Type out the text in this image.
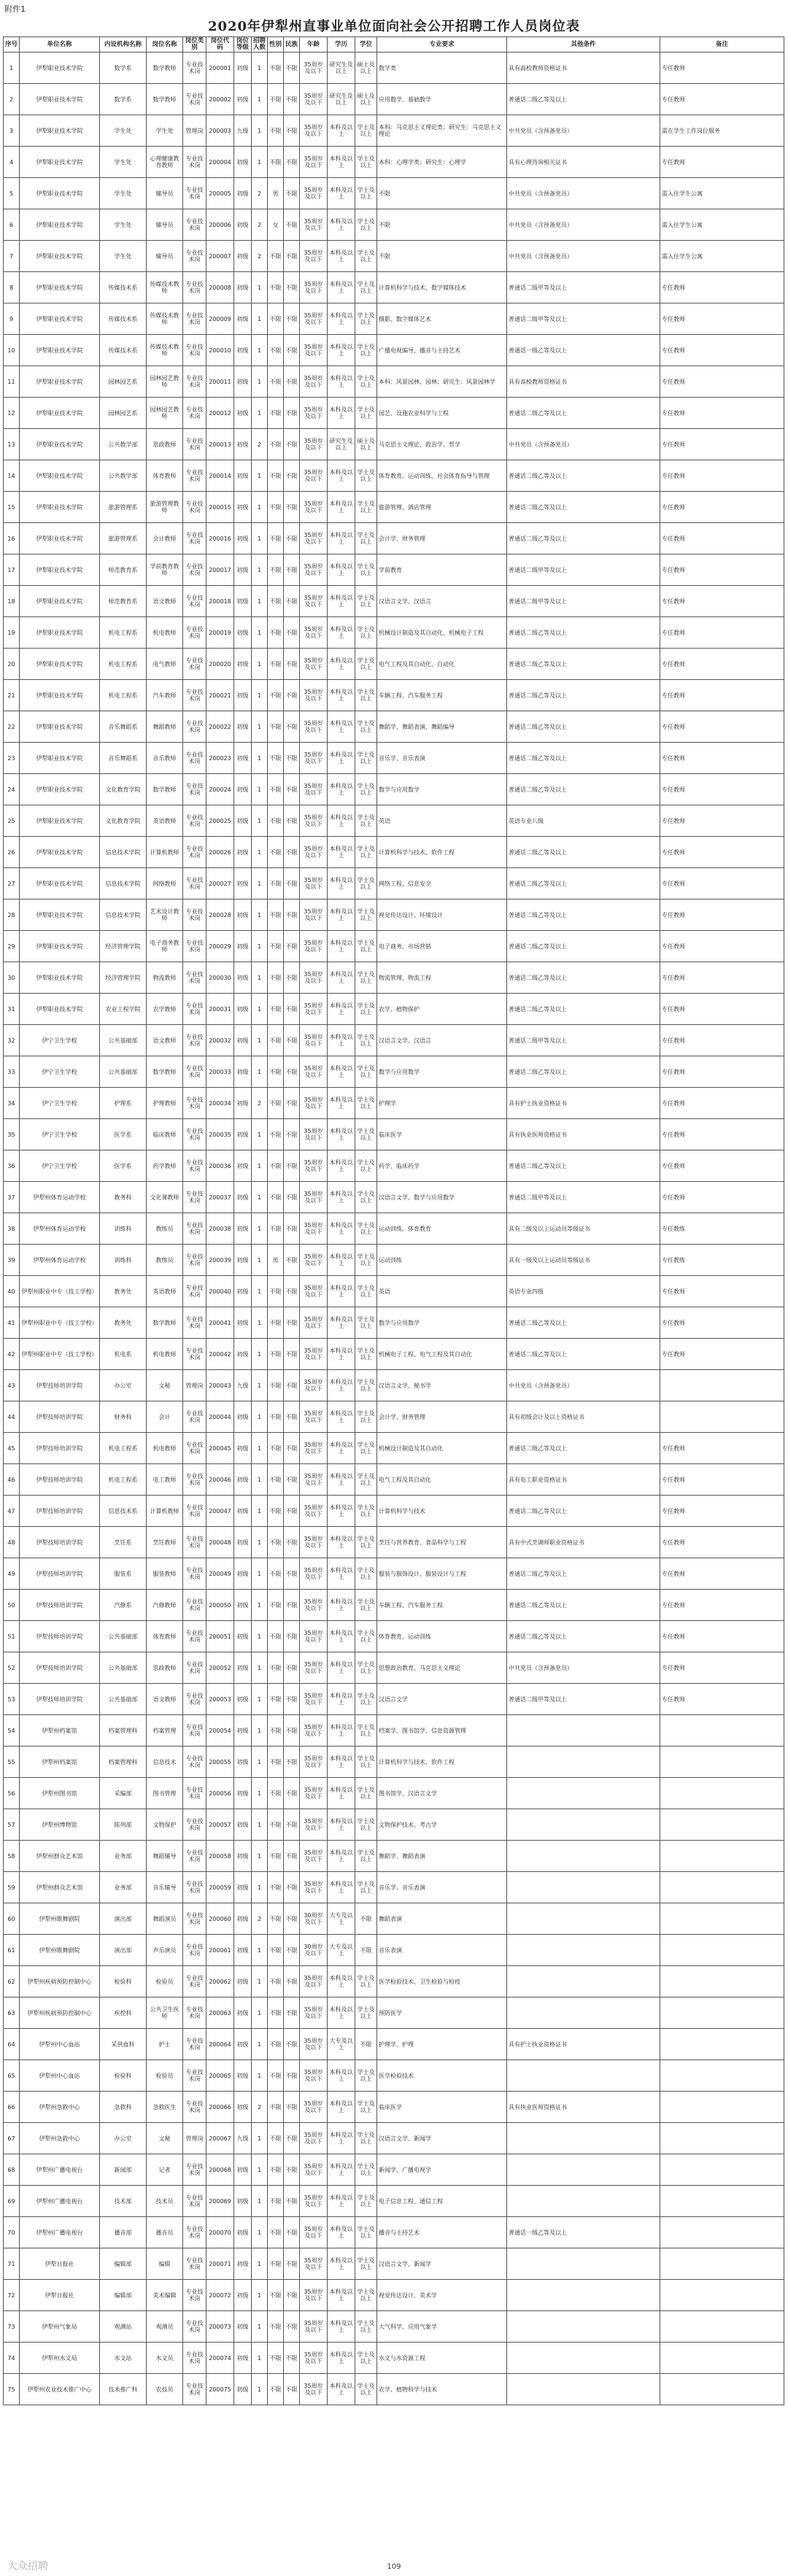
附件1
2020年伊犁州直事业单位面向社会公开招聘工作人员岗位表
序号	单位名称	内设机构名称	岗位名称	岗位类别	岗位代码	岗位等级	招聘人数	性别	民族	年龄	学历	学位	专业要求	其他条件	备注
1	伊犁职业技术学院	数学系	数学教师	专业技术岗	200001	初级	1	不限	不限	35周岁及以下	研究生及以上	硕士及以上	数学类	具有高校教师资格证书	专任教师
2	伊犁职业技术学院	数学系	数学教师	专业技术岗	200002	初级	1	不限	不限	35周岁及以下	研究生及以上	硕士及以上	应用数学、基础数学	普通话二级乙等及以上	专任教师
3	伊犁职业技术学院	学生处	学生处	管理岗	200003	九级	1	不限	不限	35周岁及以下	本科及以上	学士及以上	本科：马克思主义理论类；研究生：马克思主义理论	中共党员（含预备党员）	需在学生工作岗位服务
4	伊犁职业技术学院	学生处	心理健康教育教师	专业技术岗	200004	初级	1	不限	不限	35周岁及以下	本科及以上	学士及以上	本科：心理学类；研究生：心理学	具有心理咨询相关证书	专任教师
5	伊犁职业技术学院	学生处	辅导员	专业技术岗	200005	初级	2	男	不限	35周岁及以下	本科及以上	学士及以上	不限	中共党员（含预备党员）	需入住学生公寓
6	伊犁职业技术学院	学生处	辅导员	专业技术岗	200006	初级	2	女	不限	35周岁及以下	本科及以上	学士及以上	不限	中共党员（含预备党员）	需入住学生公寓
7	伊犁职业技术学院	学生处	辅导员	专业技术岗	200007	初级	2	不限	不限	35周岁及以下	本科及以上	学士及以上	不限	中共党员（含预备党员）	需入住学生公寓
8	伊犁职业技术学院	传媒技术系	传媒技术教师	专业技术岗	200008	初级	1	不限	不限	35周岁及以下	本科及以上	学士及以上	计算机科学与技术、数字媒体技术	普通话二级甲等及以上	专任教师
9	伊犁职业技术学院	传媒技术系	传媒技术教师	专业技术岗	200009	初级	1	不限	不限	35周岁及以下	本科及以上	学士及以上	摄影、数字媒体艺术	普通话二级甲等及以上	专任教师
10	伊犁职业技术学院	传媒技术系	传媒技术教师	专业技术岗	200010	初级	1	不限	不限	35周岁及以下	本科及以上	学士及以上	广播电视编导、播音与主持艺术	普通话一级乙等及以上	专任教师
11	伊犁职业技术学院	园林园艺系	园林园艺教师	专业技术岗	200011	初级	1	不限	不限	35周岁及以下	本科及以上	学士及以上	本科：风景园林、园林；研究生：风景园林学	具有高校教师资格证书	专任教师
12	伊犁职业技术学院	园林园艺系	园林园艺教师	专业技术岗	200012	初级	1	不限	不限	35周岁及以下	本科及以上	学士及以上	园艺、设施农业科学与工程	普通话二级乙等及以上	专任教师
13	伊犁职业技术学院	公共教学部	思政教师	专业技术岗	200013	初级	2	不限	不限	35周岁及以下	研究生及以上	硕士及以上	马克思主义理论、政治学、哲学	中共党员（含预备党员）	专任教师
14	伊犁职业技术学院	公共教学部	体育教师	专业技术岗	200014	初级	1	不限	不限	35周岁及以下	本科及以上	学士及以上	体育教育、运动训练、社会体育指导与管理	普通话二级乙等及以上	专任教师
15	伊犁职业技术学院	旅游管理系	旅游管理教师	专业技术岗	200015	初级	1	不限	不限	35周岁及以下	本科及以上	学士及以上	旅游管理、酒店管理	普通话二级乙等及以上	专任教师
16	伊犁职业技术学院	旅游管理系	会计教师	专业技术岗	200016	初级	1	不限	不限	35周岁及以下	本科及以上	学士及以上	会计学、财务管理	普通话二级乙等及以上	专任教师
17	伊犁职业技术学院	师范教育系	学前教育教师	专业技术岗	200017	初级	1	不限	不限	35周岁及以下	本科及以上	学士及以上	学前教育	普通话二级甲等及以上	专任教师
18	伊犁职业技术学院	师范教育系	语文教师	专业技术岗	200018	初级	1	不限	不限	35周岁及以下	本科及以上	学士及以上	汉语言文学、汉语言	普通话二级甲等及以上	专任教师
19	伊犁职业技术学院	机电工程系	机电教师	专业技术岗	200019	初级	1	不限	不限	35周岁及以下	本科及以上	学士及以上	机械设计制造及其自动化、机械电子工程	普通话二级乙等及以上	专任教师
20	伊犁职业技术学院	机电工程系	电气教师	专业技术岗	200020	初级	1	不限	不限	35周岁及以下	本科及以上	学士及以上	电气工程及其自动化、自动化	普通话二级乙等及以上	专任教师
21	伊犁职业技术学院	机电工程系	汽车教师	专业技术岗	200021	初级	1	不限	不限	35周岁及以下	本科及以上	学士及以上	车辆工程、汽车服务工程	普通话二级乙等及以上	专任教师
22	伊犁职业技术学院	音乐舞蹈系	舞蹈教师	专业技术岗	200022	初级	1	不限	不限	35周岁及以下	本科及以上	学士及以上	舞蹈学、舞蹈表演、舞蹈编导	普通话二级乙等及以上	专任教师
23	伊犁职业技术学院	音乐舞蹈系	音乐教师	专业技术岗	200023	初级	1	不限	不限	35周岁及以下	本科及以上	学士及以上	音乐学、音乐表演	普通话二级乙等及以上	专任教师
24	伊犁职业技术学院	文化教育学院	数学教师	专业技术岗	200024	初级	1	不限	不限	35周岁及以下	本科及以上	学士及以上	数学与应用数学	普通话二级乙等及以上	专任教师
25	伊犁职业技术学院	文化教育学院	英语教师	专业技术岗	200025	初级	1	不限	不限	35周岁及以下	本科及以上	学士及以上	英语	英语专业八级	专任教师
26	伊犁职业技术学院	信息技术学院	计算机教师	专业技术岗	200026	初级	1	不限	不限	35周岁及以下	本科及以上	学士及以上	计算机科学与技术、软件工程	普通话二级乙等及以上	专任教师
27	伊犁职业技术学院	信息技术学院	网络教师	专业技术岗	200027	初级	1	不限	不限	35周岁及以下	本科及以上	学士及以上	网络工程、信息安全	普通话二级乙等及以上	专任教师
28	伊犁职业技术学院	信息技术学院	艺术设计教师	专业技术岗	200028	初级	1	不限	不限	35周岁及以下	本科及以上	学士及以上	视觉传达设计、环境设计	普通话二级乙等及以上	专任教师
29	伊犁职业技术学院	经济管理学院	电子商务教师	专业技术岗	200029	初级	1	不限	不限	35周岁及以下	本科及以上	学士及以上	电子商务、市场营销	普通话二级乙等及以上	专任教师
30	伊犁职业技术学院	经济管理学院	物流教师	专业技术岗	200030	初级	1	不限	不限	35周岁及以下	本科及以上	学士及以上	物流管理、物流工程	普通话二级乙等及以上	专任教师
31	伊犁职业技术学院	农业工程学院	农学教师	专业技术岗	200031	初级	1	不限	不限	35周岁及以下	本科及以上	学士及以上	农学、植物保护	普通话二级乙等及以上	专任教师
32	伊宁卫生学校	公共基础部	语文教师	专业技术岗	200032	初级	1	不限	不限	35周岁及以下	本科及以上	学士及以上	汉语言文学、汉语言	普通话二级甲等及以上	专任教师
33	伊宁卫生学校	公共基础部	数学教师	专业技术岗	200033	初级	1	不限	不限	35周岁及以下	本科及以上	学士及以上	数学与应用数学	普通话二级乙等及以上	专任教师
34	伊宁卫生学校	护理系	护理教师	专业技术岗	200034	初级	2	不限	不限	35周岁及以下	本科及以上	学士及以上	护理学	具有护士执业资格证书	专任教师
35	伊宁卫生学校	医学系	临床教师	专业技术岗	200035	初级	1	不限	不限	35周岁及以下	本科及以上	学士及以上	临床医学	具有执业医师资格证书	专任教师
36	伊宁卫生学校	医学系	药学教师	专业技术岗	200036	初级	1	不限	不限	35周岁及以下	本科及以上	学士及以上	药学、临床药学	普通话二级乙等及以上	专任教师
37	伊犁州体育运动学校	教务科	文化课教师	专业技术岗	200037	初级	1	不限	不限	35周岁及以下	本科及以上	学士及以上	汉语言文学、数学与应用数学	普通话二级甲等及以上	专任教师
38	伊犁州体育运动学校	训练科	教练员	专业技术岗	200038	初级	1	不限	不限	35周岁及以下	本科及以上	学士及以上	运动训练、体育教育	具有二级及以上运动员等级证书	专任教练
39	伊犁州体育运动学校	训练科	教练员	专业技术岗	200039	初级	1	男	不限	35周岁及以下	本科及以上	学士及以上	运动训练	具有一级及以上运动员等级证书	专任教练
40	伊犁州职业中专（技工学校）	教务处	英语教师	专业技术岗	200040	初级	1	不限	不限	35周岁及以下	本科及以上	学士及以上	英语	英语专业四级	专任教师
41	伊犁州职业中专（技工学校）	教务处	数学教师	专业技术岗	200041	初级	1	不限	不限	35周岁及以下	本科及以上	学士及以上	数学与应用数学	普通话二级乙等及以上	专任教师
42	伊犁州职业中专（技工学校）	机电系	机电教师	专业技术岗	200042	初级	1	不限	不限	35周岁及以下	本科及以上	学士及以上	机械电子工程、电气工程及其自动化	普通话二级乙等及以上	专任教师
43	伊犁技师培训学院	办公室	文秘	管理岗	200043	九级	1	不限	不限	35周岁及以下	本科及以上	学士及以上	汉语言文学、秘书学	中共党员（含预备党员）	
44	伊犁技师培训学院	财务科	会计	专业技术岗	200044	初级	1	不限	不限	35周岁及以下	本科及以上	学士及以上	会计学、财务管理	具有初级会计及以上资格证书	
45	伊犁技师培训学院	机电工程系	机电教师	专业技术岗	200045	初级	1	不限	不限	35周岁及以下	本科及以上	学士及以上	机械设计制造及其自动化	普通话二级乙等及以上	专任教师
46	伊犁技师培训学院	机电工程系	电工教师	专业技术岗	200046	初级	1	不限	不限	35周岁及以下	本科及以上	学士及以上	电气工程及其自动化	具有电工职业资格证书	专任教师
47	伊犁技师培训学院	信息技术系	计算机教师	专业技术岗	200047	初级	1	不限	不限	35周岁及以下	本科及以上	学士及以上	计算机科学与技术	普通话二级乙等及以上	专任教师
48	伊犁技师培训学院	烹饪系	烹饪教师	专业技术岗	200048	初级	1	不限	不限	35周岁及以下	本科及以上	学士及以上	烹饪与营养教育、食品科学与工程	具有中式烹调师职业资格证书	专任教师
49	伊犁技师培训学院	服装系	服装教师	专业技术岗	200049	初级	1	不限	不限	35周岁及以下	本科及以上	学士及以上	服装与服饰设计、服装设计与工程	普通话二级乙等及以上	专任教师
50	伊犁技师培训学院	汽修系	汽修教师	专业技术岗	200050	初级	1	不限	不限	35周岁及以下	本科及以上	学士及以上	车辆工程、汽车服务工程	普通话二级乙等及以上	专任教师
51	伊犁技师培训学院	公共基础部	体育教师	专业技术岗	200051	初级	1	不限	不限	35周岁及以下	本科及以上	学士及以上	体育教育、运动训练	普通话二级乙等及以上	专任教师
52	伊犁技师培训学院	公共基础部	思政教师	专业技术岗	200052	初级	1	不限	不限	35周岁及以下	本科及以上	学士及以上	思想政治教育、马克思主义理论	中共党员（含预备党员）	专任教师
53	伊犁技师培训学院	公共基础部	语文教师	专业技术岗	200053	初级	1	不限	不限	35周岁及以下	本科及以上	学士及以上	汉语言文学	普通话二级甲等及以上	专任教师
54	伊犁州档案馆	档案管理科	档案管理	专业技术岗	200054	初级	1	不限	不限	35周岁及以下	本科及以上	学士及以上	档案学、图书馆学、信息资源管理		
55	伊犁州档案馆	档案管理科	信息技术	专业技术岗	200055	初级	1	不限	不限	35周岁及以下	本科及以上	学士及以上	计算机科学与技术、软件工程		
56	伊犁州图书馆	采编部	图书管理	专业技术岗	200056	初级	1	不限	不限	35周岁及以下	本科及以上	学士及以上	图书馆学、汉语言文学		
57	伊犁州博物馆	陈列部	文物保护	专业技术岗	200057	初级	1	不限	不限	35周岁及以下	本科及以上	学士及以上	文物保护技术、考古学		
58	伊犁州群众艺术馆	业务部	舞蹈辅导	专业技术岗	200058	初级	1	不限	不限	35周岁及以下	本科及以上	学士及以上	舞蹈学、舞蹈表演		
59	伊犁州群众艺术馆	业务部	音乐辅导	专业技术岗	200059	初级	1	不限	不限	35周岁及以下	本科及以上	学士及以上	音乐学、音乐表演		
60	伊犁州歌舞剧院	演出部	舞蹈演员	专业技术岗	200060	初级	2	不限	不限	30周岁及以下	大专及以上	不限	舞蹈表演		
61	伊犁州歌舞剧院	演出部	声乐演员	专业技术岗	200061	初级	1	不限	不限	30周岁及以下	大专及以上	不限	音乐表演		
62	伊犁州疾病预防控制中心	检验科	检验员	专业技术岗	200062	初级	1	不限	不限	35周岁及以下	本科及以上	学士及以上	医学检验技术、卫生检验与检疫		
63	伊犁州疾病预防控制中心	疾控科	公共卫生医师	专业技术岗	200063	初级	1	不限	不限	35周岁及以下	本科及以上	学士及以上	预防医学		
64	伊犁州中心血站	采供血科	护士	专业技术岗	200064	初级	1	不限	不限	35周岁及以下	大专及以上	不限	护理学、护理	具有护士执业资格证书	
65	伊犁州中心血站	检验科	检验员	专业技术岗	200065	初级	1	不限	不限	35周岁及以下	本科及以上	学士及以上	医学检验技术		
66	伊犁州急救中心	急救科	急救医生	专业技术岗	200066	初级	2	不限	不限	35周岁及以下	本科及以上	学士及以上	临床医学	具有执业医师资格证书	
67	伊犁州急救中心	办公室	文秘	管理岗	200067	九级	1	不限	不限	35周岁及以下	本科及以上	学士及以上	汉语言文学、新闻学		
68	伊犁州广播电视台	新闻部	记者	专业技术岗	200068	初级	1	不限	不限	35周岁及以下	本科及以上	学士及以上	新闻学、广播电视学		
69	伊犁州广播电视台	技术部	技术员	专业技术岗	200069	初级	1	不限	不限	35周岁及以下	本科及以上	学士及以上	电子信息工程、通信工程		
70	伊犁州广播电视台	播音部	播音员	专业技术岗	200070	初级	1	不限	不限	35周岁及以下	本科及以上	学士及以上	播音与主持艺术	普通话一级乙等及以上	
71	伊犁日报社	编辑部	编辑	专业技术岗	200071	初级	1	不限	不限	35周岁及以下	本科及以上	学士及以上	汉语言文学、新闻学		
72	伊犁日报社	编辑部	美术编辑	专业技术岗	200072	初级	1	不限	不限	35周岁及以下	本科及以上	学士及以上	视觉传达设计、美术学		
73	伊犁州气象局	观测站	观测员	专业技术岗	200073	初级	1	不限	不限	35周岁及以下	本科及以上	学士及以上	大气科学、应用气象学		
74	伊犁州水文局	水文站	水文员	专业技术岗	200074	初级	1	不限	不限	35周岁及以下	本科及以上	学士及以上	水文与水资源工程		
75	伊犁州农业技术推广中心	技术推广科	农技员	专业技术岗	200075	初级	1	不限	不限	35周岁及以下	本科及以上	学士及以上	农学、植物科学与技术		
大众招聘	109
